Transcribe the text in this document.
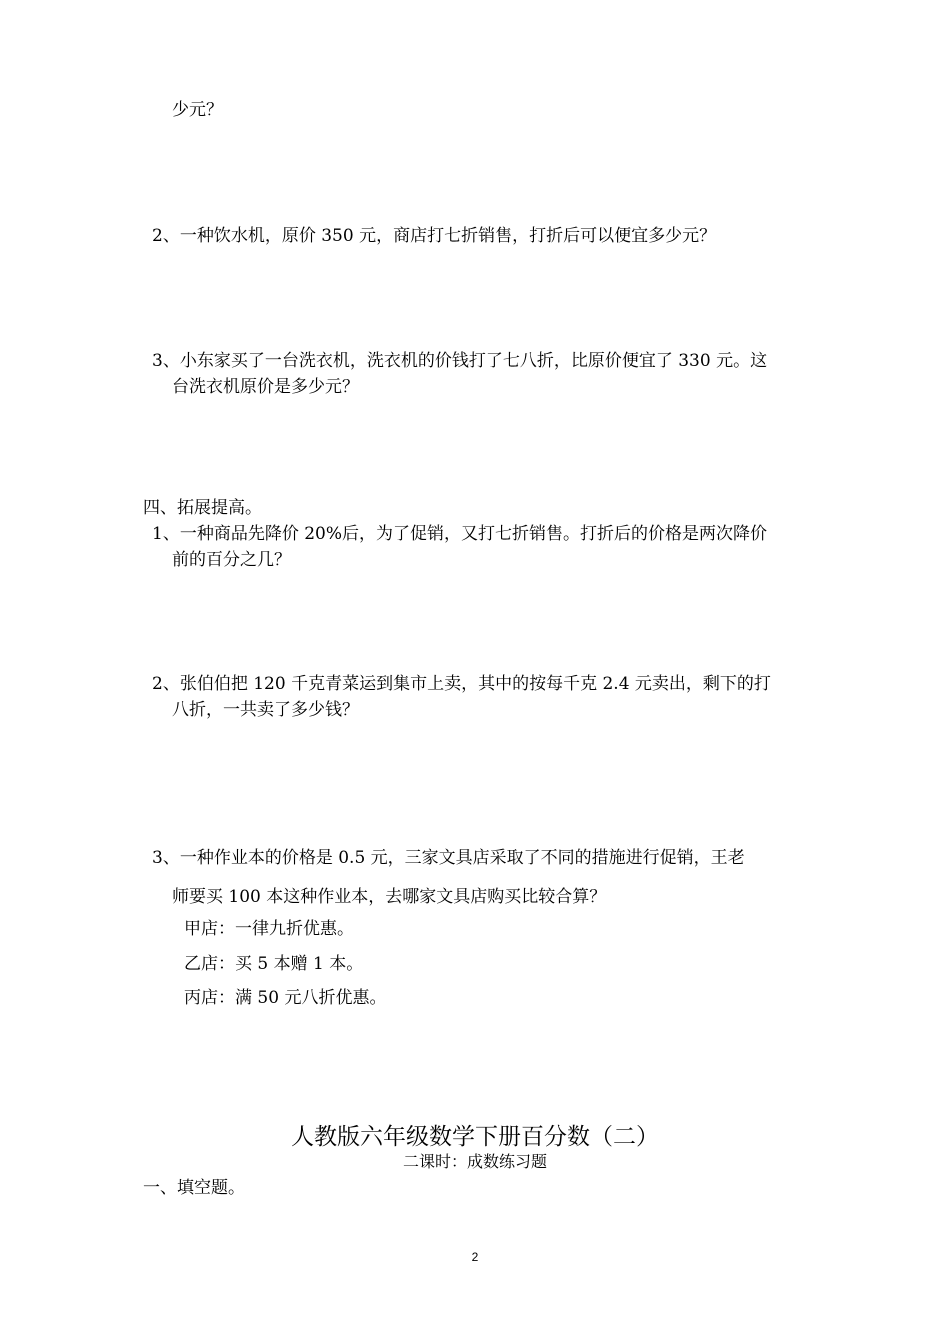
少元？
2、一种饮水机，原价 350 元，商店打七折销售，打折后可以便宜多少元？
3、小东家买了一台洗衣机，洗衣机的价钱打了七八折，比原价便宜了 330 元。这
台洗衣机原价是多少元？
四、拓展提高。
1、一种商品先降价 20%后，为了促销，又打七折销售。打折后的价格是两次降价
前的百分之几？
2、张伯伯把 120 千克青菜运到集市上卖，其中的按每千克 2.4 元卖出，剩下的打
八折，一共卖了多少钱？
3、一种作业本的价格是 0.5 元，三家文具店采取了不同的措施进行促销，王老
师要买 100 本这种作业本，去哪家文具店购买比较合算？
甲店：一律九折优惠。
乙店：买 5 本赠 1 本。
丙店：满 50 元八折优惠。
人教版六年级数学下册百分数（二）
二课时：成数练习题
一、填空题。
2
